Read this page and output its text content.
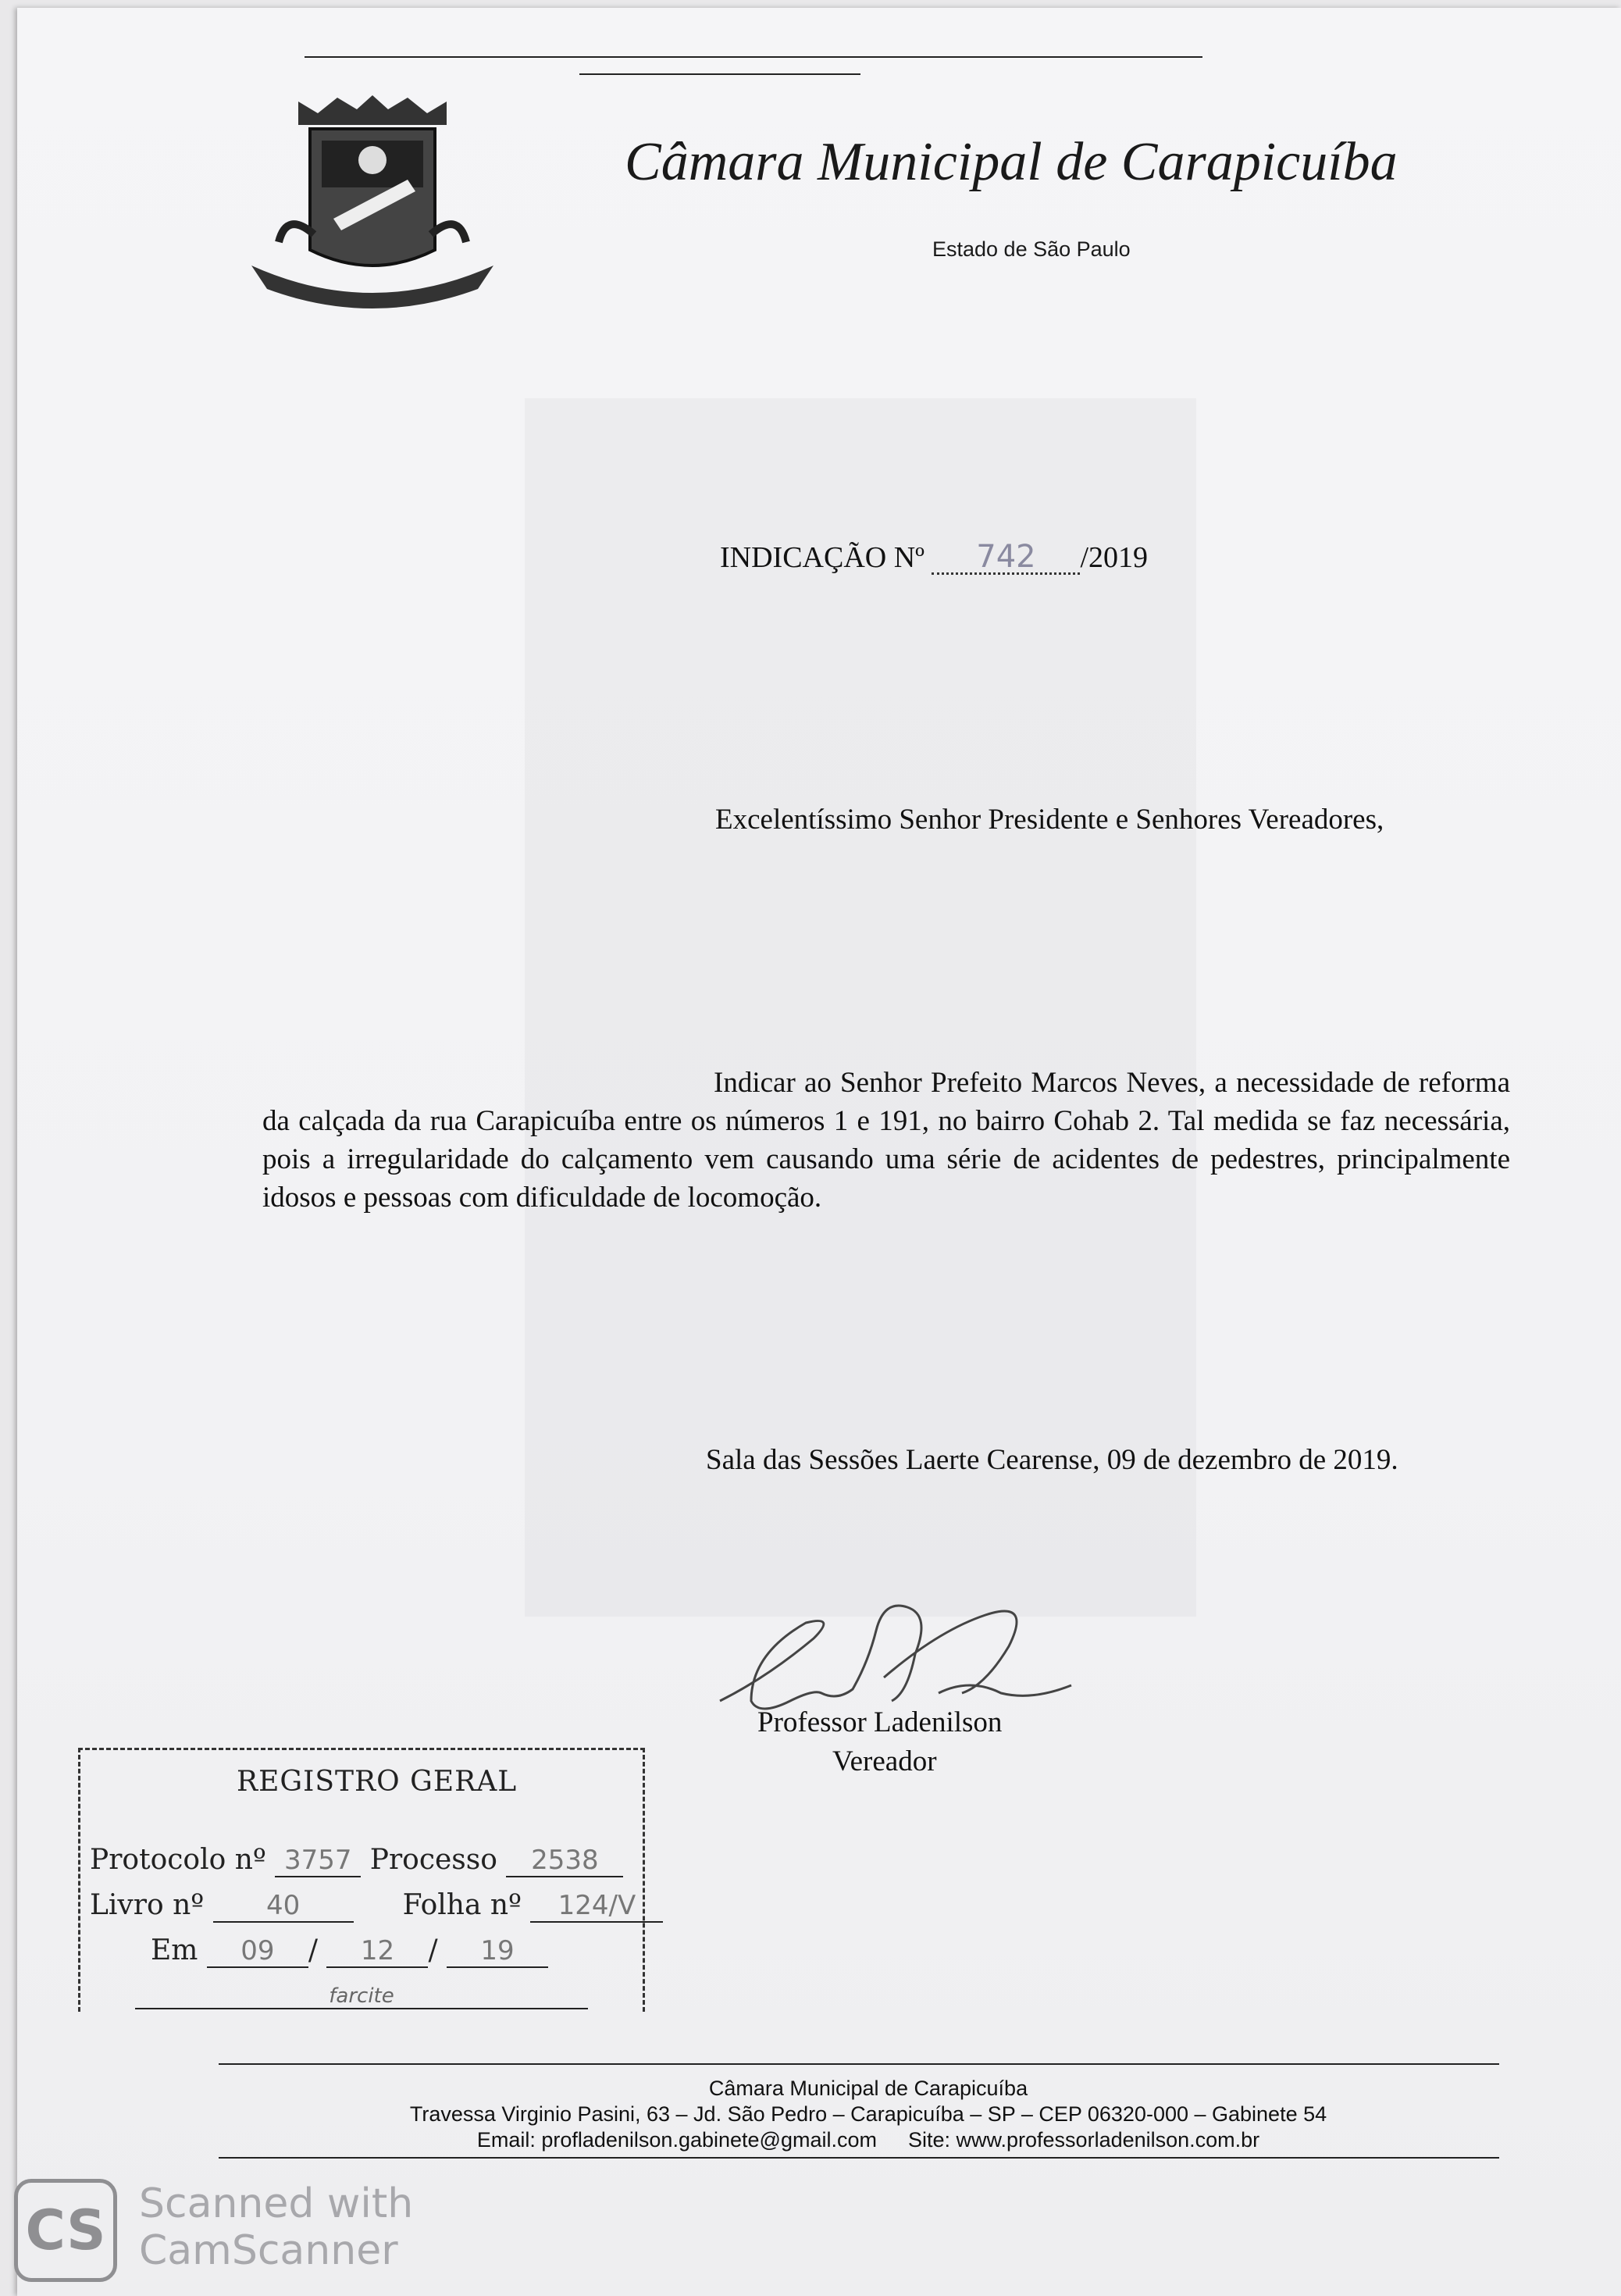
Câmara Municipal de Carapicuíba
Estado de São Paulo
INDICAÇÃO Nº 742 /2019
Excelentíssimo Senhor Presidente e Senhores Vereadores,
Indicar ao Senhor Prefeito Marcos Neves, a necessidade de reforma da calçada da rua Carapicuíba entre os números 1 e 191, no bairro Cohab 2. Tal medida se faz necessária, pois a irregularidade do calçamento vem causando uma série de acidentes de pedestres, principalmente idosos e pessoas com dificuldade de locomoção.
Sala das Sessões Laerte Cearense, 09 de dezembro de 2019.
Professor Ladenilson
Vereador
REGISTRO GERAL
Protocolo nº 3757 Processo 2538
Livro nº 40	Folha nº 124/V
Em 09 / 12 / 19
farcite
Câmara Municipal de Carapicuíba
Travessa Virginio Pasini, 63 – Jd. São Pedro – Carapicuíba – SP – CEP 06320-000 – Gabinete 54
Email: profladenilson.gabinete@gmail.com Site: www.professorladenilson.com.br
CS Scanned with
CamScanner
